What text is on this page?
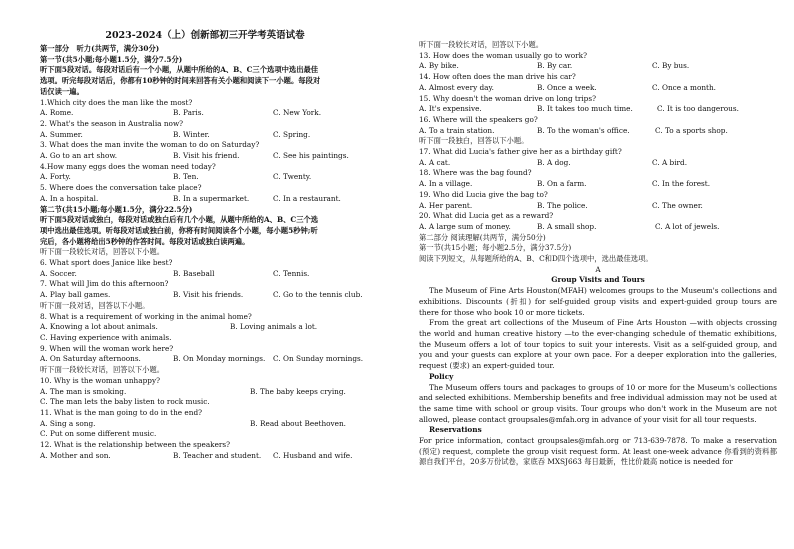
2023-2024（上）创新部初三开学考英语试卷
第一部分　听力(共两节，满分30分)
第一节(共5小题;每小题1.5分，满分7.5分)
听下面5段对话。每段对话后有一个小题，从题中所给的A、B、C三个选项中选出最佳
选项。听完每段对话后，你都有10秒钟的时间来回答有关小题和阅读下一小题。每段对
话仅读一遍。
1.Which city does the man like the most?
A. Rome.	B. Paris.	C. New York.
2. What's the season in Australia now?
A. Summer.	B. Winter.	C. Spring.
3. What does the man invite the woman to do on Saturday?
A. Go to an art show.	B. Visit his friend.	C. See his paintings.
4.How many eggs does the woman need today?
A. Forty.	B. Ten.	C. Twenty.
5. Where does the conversation take place?
A. In a hospital.	B. In a supermarket.	C. In a restaurant.
第二节(共15小题;每小题1.5分，满分22.5分)
听下面5段对话或独白，每段对话或独白后有几个小题，从题中所给的A、B、C三个选
项中选出最佳选项。听每段对话或独白前，你将有时间阅读各个小题，每小题5秒钟;听
完后，各小题将给出5秒钟的作答时间。每段对话或独白读两遍。
听下面一段较长对话，回答以下小题。
6. What sport does Janice like best?
A. Soccer.	B. Baseball	C. Tennis.
7. What will Jim do this afternoon?
A. Play ball games.	B. Visit his friends.	C. Go to the tennis club.
听下面一段对话，回答以下小题。
8. What is a requirement of working in the animal home?
A. Knowing a lot about animals.	B. Loving animals a lot.
C. Having experience with animals.
9. When will the woman work here?
A. On Saturday afternoons.	B. On Monday mornings.	C. On Sunday mornings.
听下面一段较长对话，回答以下小题。
10. Why is the woman unhappy?
A. The man is smoking.	B. The baby keeps crying.
C. The man lets the baby listen to rock music.
11. What is the man going to do in the end?
A. Sing a song.	B. Read about Beethoven.
C. Put on some different music.
12. What is the relationship between the speakers?
A. Mother and son.	B. Teacher and student.	C. Husband and wife.
听下面一段较长对话，回答以下小题。
13. How does the woman usually go to work?
A. By bike.	B. By car.	C. By bus.
14. How often does the man drive his car?
A. Almost every day.	B. Once a week.	C. Once a month.
15. Why doesn't the woman drive on long trips?
A. It's expensive.	B. It takes too much time.	C. It is too dangerous.
16. Where will the speakers go?
A. To a train station.	B. To the woman's office.	C. To a sports shop.
听下面一段独白，回答以下小题。
17. What did Lucia's father give her as a birthday gift?
A. A cat.	B. A dog.	C. A bird.
18. Where was the bag found?
A. In a village.	B. On a farm.	C. In the forest.
19. Who did Lucia give the bag to?
A. Her parent.	B. The police.	C. The owner.
20. What did Lucia get as a reward?
A. A large sum of money.	B. A small shop.	C. A lot of jewels.
第二部分 阅读理解(共两节，满分50分)
第一节(共15小题；每小题2.5分，满分37.5分)
阅读下列短文，从每题所给的A、B、C和D四个选项中，选出最佳选项。
A
Group Visits and Tours
The Museum of Fine Arts Houston(MFAH) welcomes groups to the Museum's collections and exhibitions. Discounts (折扣) for self-guided group visits and expert-guided group tours are there for those who book 10 or more tickets.
From the great art collections of the Museum of Fine Arts Houston —with objects crossing the world and human creative history —to the ever-changing schedule of thematic exhibitions, the Museum offers a lot of tour topics to suit your interests. Visit as a self-guided group, and you and your guests can explore at your own pace. For a deeper exploration into the galleries, request (要求) an expert-guided tour.
Policy
The Museum offers tours and packages to groups of 10 or more for the Museum's collections and selected exhibitions. Membership benefits and free individual admission may not be used at the same time with school or group visits. Tour groups who don't work in the Museum are not allowed, please contact groupsales@mfah.org in advance of your visit for all tour requests.
Reservations
For price information, contact groupsales@mfah.org or 713-639-7878. To make a reservation (预定) request, complete the group visit request form. At least one-week advance 你看到的资料都源自我们平台，20多万份试卷，家底吞 MXSJ663 每日最新，性比价最高 notice is needed for
